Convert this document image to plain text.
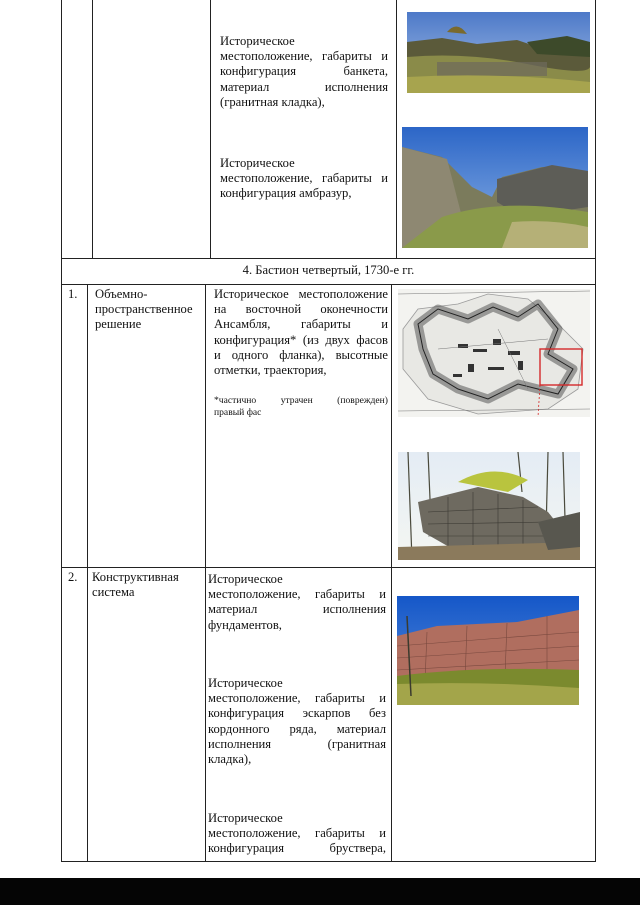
Историческое
местоположение, габариты и
конфигурация банкета,
материал исполнения
(гранитная кладка),
Историческое
местоположение, габариты и
конфигурация амбразур,
4. Бастион четвертый, 1730-е гг.
1. Объемно-
пространственное
решение
Историческое местоположение
на восточной оконечности
Ансамбля, габариты и
конфигурация* (из двух фасов
и одного фланка), высотные
отметки, траектория,
*частично утрачен (поврежден)
правый фас
2. Конструктивная
система
Историческое
местоположение, габариты и
материал исполнения
фундаментов,
Историческое
местоположение, габариты и
конфигурация эскарпов без
кордонного ряда, материал
исполнения (гранитная
кладка),
Историческое
местоположение, габариты и
конфигурация бруствера,
